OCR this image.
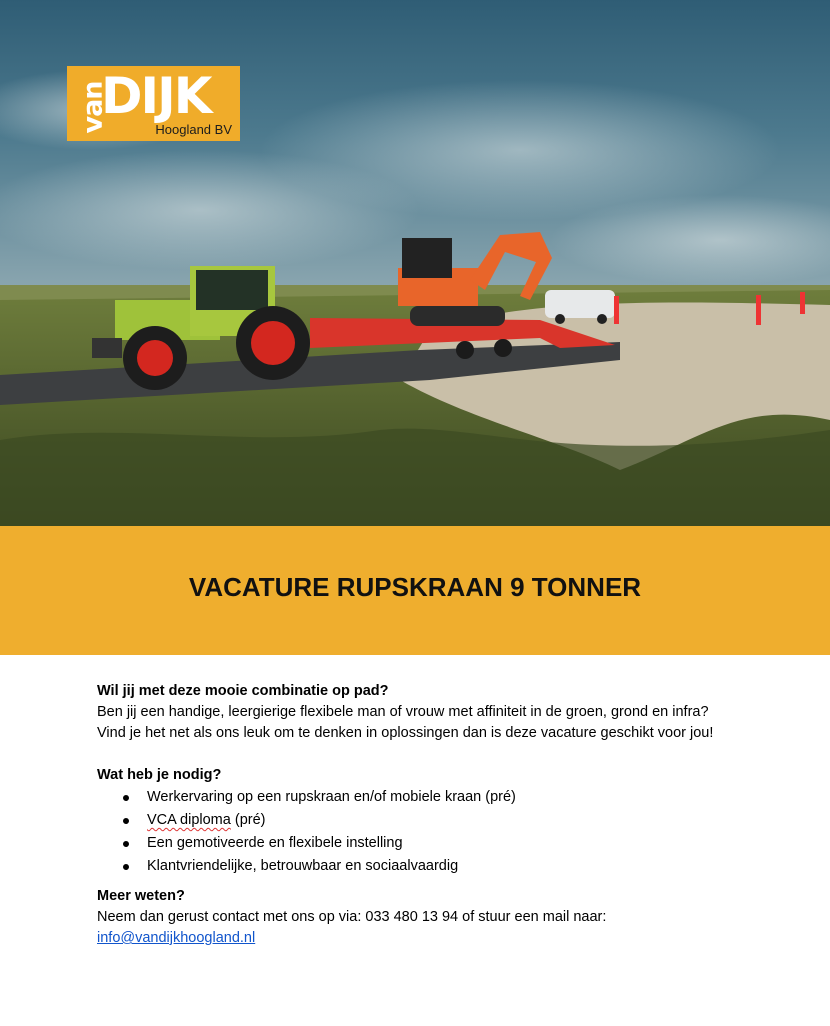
van
DIJK
Hoogland BV
VACATURE RUPSKRAAN 9 TONNER

Wil jij met deze mooie combinatie op pad?

Ben jij een handige, leergierige flexibele man of vrouw met affiniteit in de groen, grond en infra? Vind je het net als ons leuk om te denken in oplossingen dan is deze vacature geschikt voor jou!

Wat heb je nodig?

Werkervaring op een rupskraan en/of mobiele kraan (pré)
VCA diploma (pré)
Een gemotiveerde en flexibele instelling
Klantvriendelijke, betrouwbaar en sociaalvaardig

Meer weten?

Neem dan gerust contact met ons op via: 033 480 13 94 of stuur een mail naar:

info@vandijkhoogland.nl
